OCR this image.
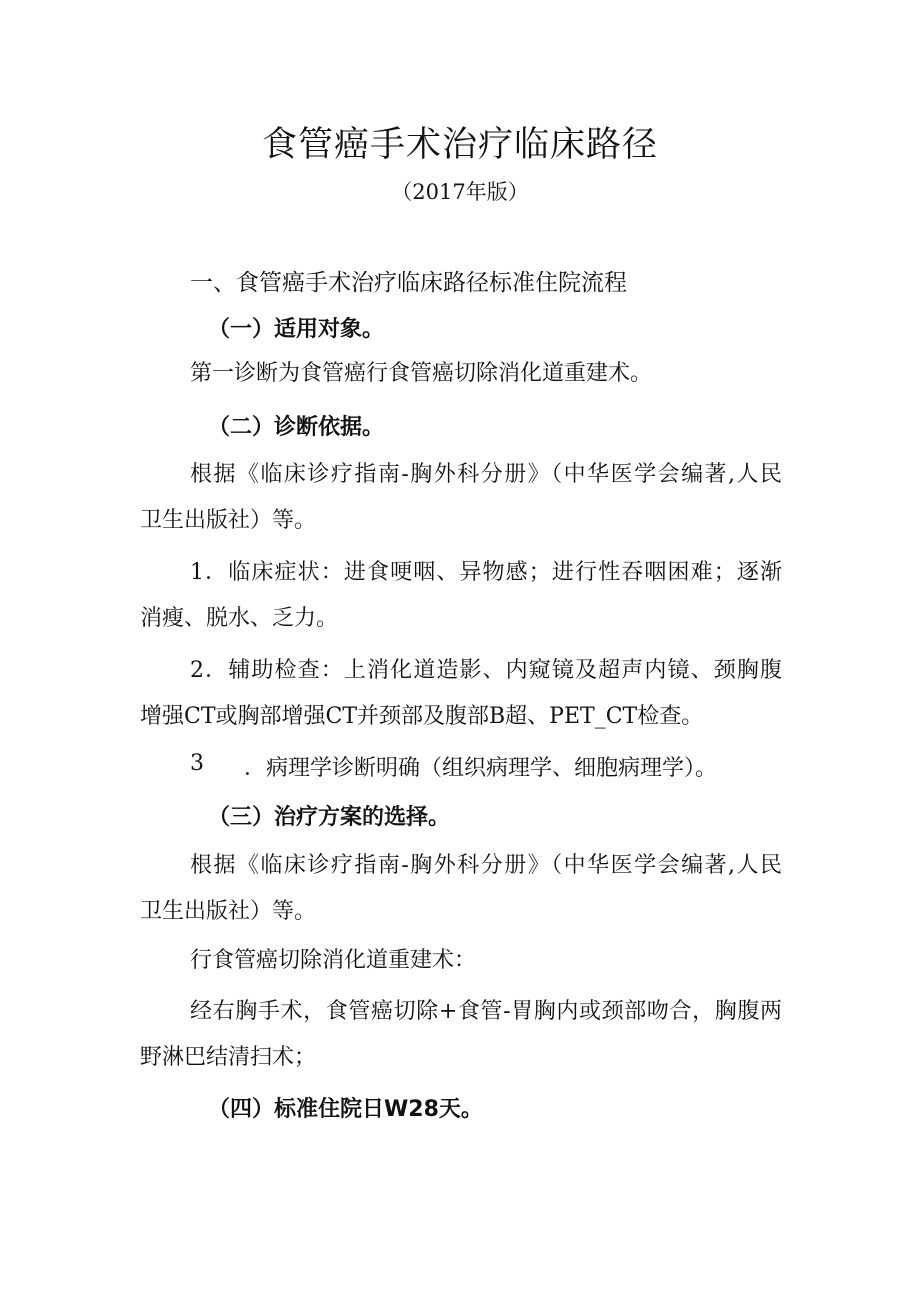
食管癌手术治疗临床路径
（2017年版）
一、食管癌手术治疗临床路径标准住院流程
（一）适用对象。
第一诊断为食管癌行食管癌切除消化道重建术。
（二）诊断依据。
根据《临床诊疗指南-胸外科分册》（中华医学会编著,人民
卫生出版社）等。
1．临床症状：进食哽咽、异物感；进行性吞咽困难；逐渐
消瘦、脱水、乏力。
2．辅助检查：上消化道造影、内窥镜及超声内镜、颈胸腹
增强CT或胸部增强CT并颈部及腹部B超、PET_CT检查。
3 ．病理学诊断明确（组织病理学、细胞病理学）。
（三）治疗方案的选择。
根据《临床诊疗指南-胸外科分册》（中华医学会编著,人民
卫生出版社）等。
行食管癌切除消化道重建术：
经右胸手术，食管癌切除+食管-胃胸内或颈部吻合，胸腹两
野淋巴结清扫术；
（四）标准住院日W28天。
